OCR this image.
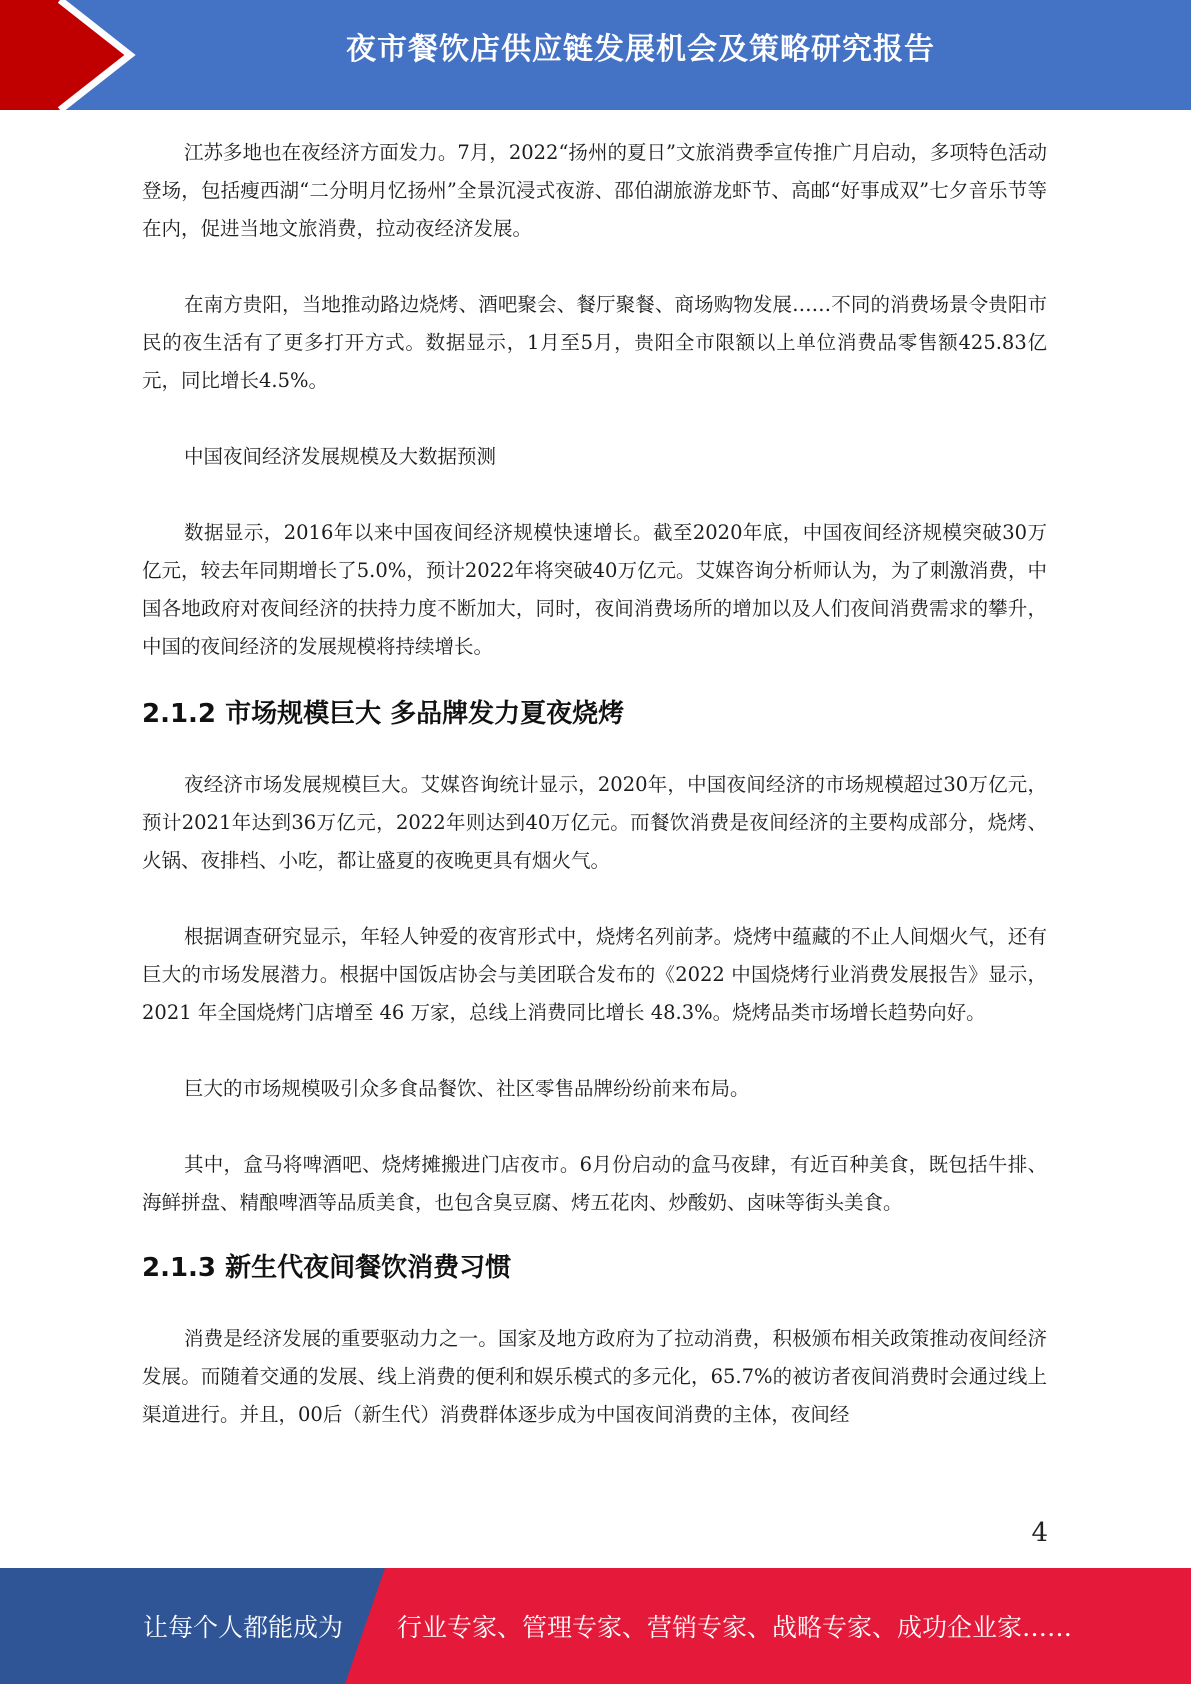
夜市餐饮店供应链发展机会及策略研究报告

江苏多地也在夜经济方面发力。7月，2022“扬州的夏日”文旅消费季宣传推广月启动，多项特色活动登场，包括瘦西湖“二分明月忆扬州”全景沉浸式夜游、邵伯湖旅游龙虾节、高邮“好事成双”七夕音乐节等在内，促进当地文旅消费，拉动夜经济发展。

在南方贵阳，当地推动路边烧烤、酒吧聚会、餐厅聚餐、商场购物发展……不同的消费场景令贵阳市民的夜生活有了更多打开方式。数据显示，1月至5月，贵阳全市限额以上单位消费品零售额425.83亿元，同比增长4.5%。

中国夜间经济发展规模及大数据预测

数据显示，2016年以来中国夜间经济规模快速增长。截至2020年底，中国夜间经济规模突破30万亿元，较去年同期增长了5.0%，预计2022年将突破40万亿元。艾媒咨询分析师认为，为了刺激消费，中国各地政府对夜间经济的扶持力度不断加大，同时，夜间消费场所的增加以及人们夜间消费需求的攀升，中国的夜间经济的发展规模将持续增长。

2.1.2 市场规模巨大 多品牌发力夏夜烧烤

夜经济市场发展规模巨大。艾媒咨询统计显示，2020年，中国夜间经济的市场规模超过30万亿元，预计2021年达到36万亿元，2022年则达到40万亿元。而餐饮消费是夜间经济的主要构成部分，烧烤、火锅、夜排档、小吃，都让盛夏的夜晚更具有烟火气。

根据调查研究显示，年轻人钟爱的夜宵形式中，烧烤名列前茅。烧烤中蕴藏的不止人间烟火气，还有巨大的市场发展潜力。根据中国饭店协会与美团联合发布的《2022 中国烧烤行业消费发展报告》显示，2021 年全国烧烤门店增至 46 万家，总线上消费同比增长 48.3%。烧烤品类市场增长趋势向好。

巨大的市场规模吸引众多食品餐饮、社区零售品牌纷纷前来布局。

其中，盒马将啤酒吧、烧烤摊搬进门店夜市。6月份启动的盒马夜肆，有近百种美食，既包括牛排、海鲜拼盘、精酿啤酒等品质美食，也包含臭豆腐、烤五花肉、炒酸奶、卤味等街头美食。

2.1.3 新生代夜间餐饮消费习惯

消费是经济发展的重要驱动力之一。国家及地方政府为了拉动消费，积极颁布相关政策推动夜间经济发展。而随着交通的发展、线上消费的便利和娱乐模式的多元化，65.7%的被访者夜间消费时会通过线上渠道进行。并且，00后（新生代）消费群体逐步成为中国夜间消费的主体，夜间经

4
让每个人都能成为 行业专家、管理专家、营销专家、战略专家、成功企业家……
